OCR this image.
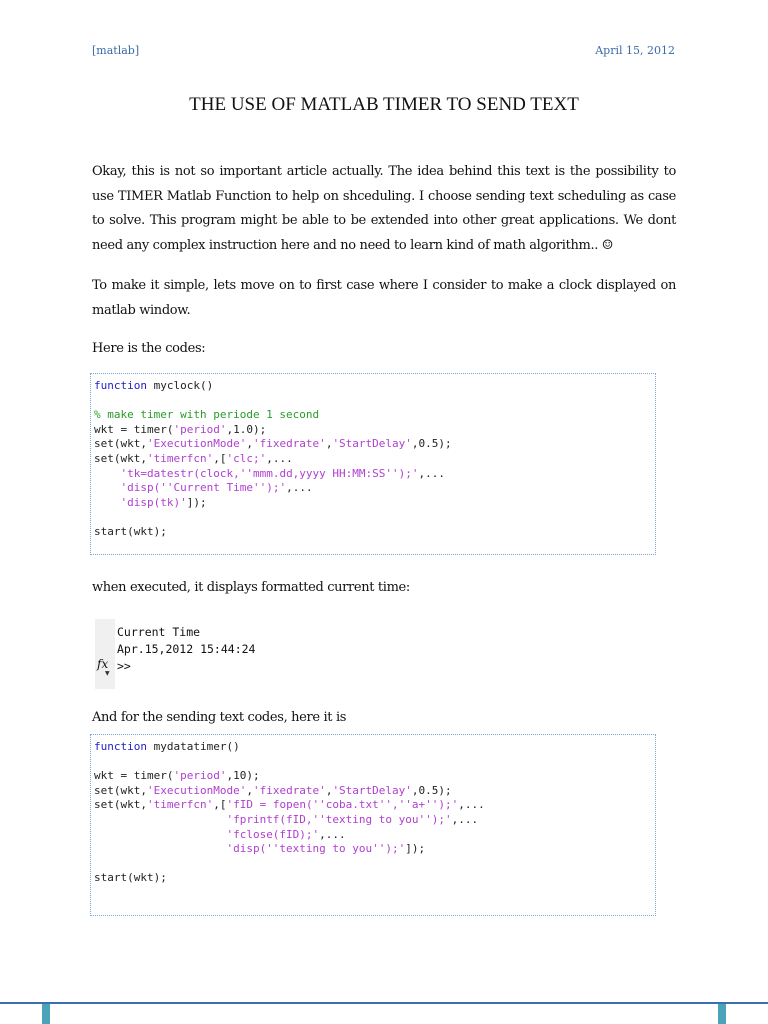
[matlab]	April 15, 2012
THE USE OF MATLAB TIMER TO SEND TEXT

Okay, this is not so important article actually. The idea behind this text is the possibility to use TIMER Matlab Function to help on shceduling. I choose sending text scheduling as case to solve. This program might be able to be extended into other great applications. We dont need any complex instruction here and no need to learn kind of math algorithm.. ☺

To make it simple, lets move on to first case where I consider to make a clock displayed on matlab window.

Here is the codes:

function myclock()
% make timer with periode 1 second
wkt = timer('period',1.0);
set(wkt,'ExecutionMode','fixedrate','StartDelay',0.5);
set(wkt,'timerfcn',['clc;',...
'tk=datestr(clock,''mmm.dd,yyyy HH:MM:SS'');',...
'disp(''Current Time'');',...
'disp(tk)']);
start(wkt);

when executed, it displays formatted current time:

fx
▼
Current Time
Apr.15,2012 15:44:24
>>

And for the sending text codes, here it is

function mydatatimer()
wkt = timer('period',10);
set(wkt,'ExecutionMode','fixedrate','StartDelay',0.5);
set(wkt,'timerfcn',['fID = fopen(''coba.txt'',''a+'');',...
'fprintf(fID,''texting to you'');',...
'fclose(fID);',...
'disp(''texting to you'');']);
start(wkt);
